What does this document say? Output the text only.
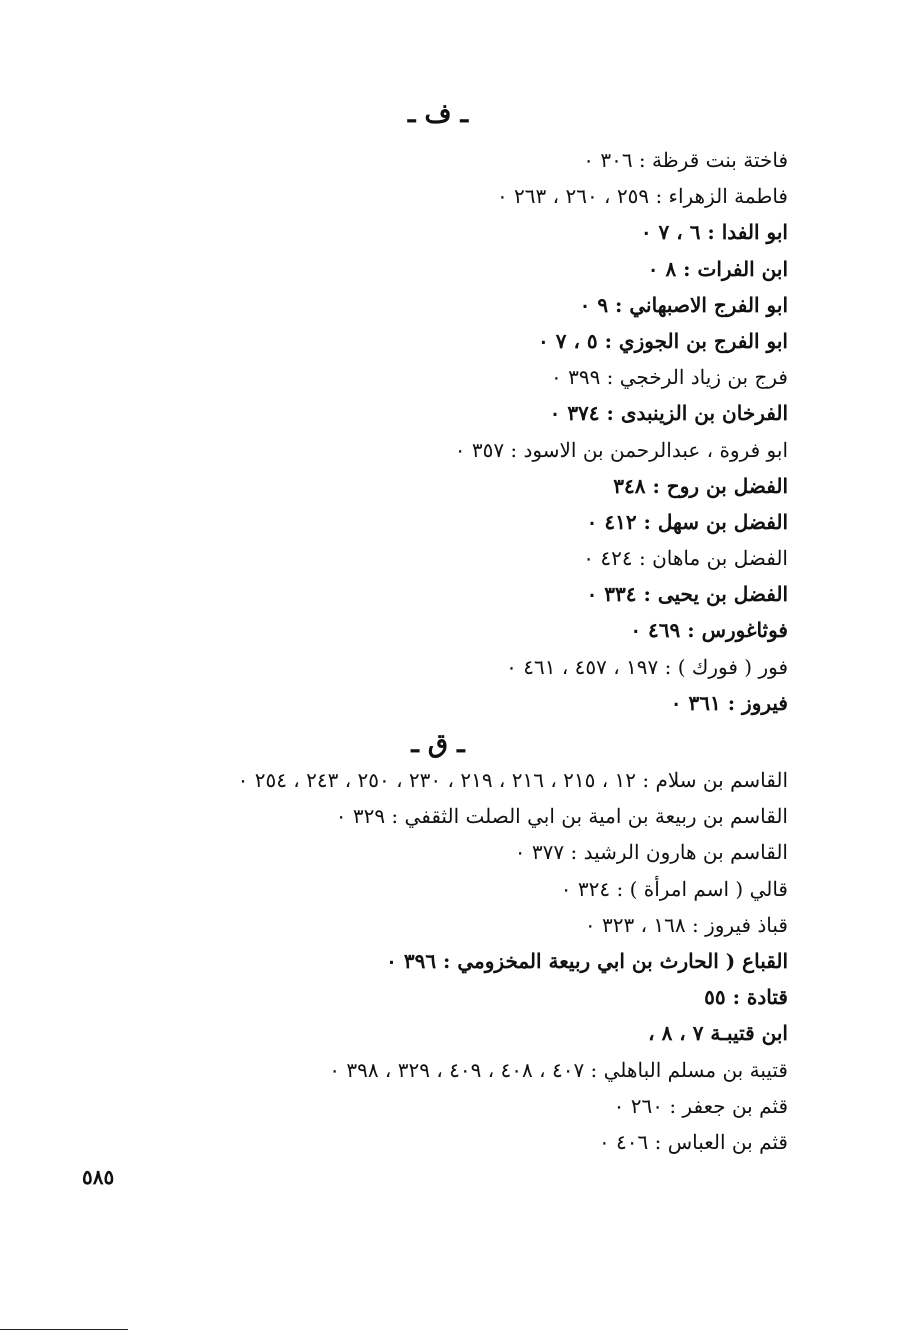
ـ ف ـ
فاختة بنت قرظة : ٣٠٦ ٠
فاطمة الزهراء : ٢٥٩ ، ٢٦٠ ، ٢٦٣ ٠
ابو الفدا : ٦ ، ٧ ٠
ابن الفرات : ٨ ٠
ابو الفرج الاصبهاني : ٩ ٠
ابو الفرج بن الجوزي : ٥ ، ٧ ٠
فرج بن زياد الرخجي : ٣٩٩ ٠
الفرخان بن الزينبدى : ٣٧٤ ٠
ابو فروة ، عبدالرحمن بن الاسود : ٣٥٧ ٠
الفضل بن روح : ٣٤٨
الفضل بن سهل : ٤١٢ ٠
الفضل بن ماهان : ٤٢٤ ٠
الفضل بن يحيى : ٣٣٤ ٠
فوثاغورس : ٤٦٩ ٠
فور ( فورك ) : ١٩٧ ، ٤٥٧ ، ٤٦١ ٠
فيروز : ٣٦١ ٠
ـ ق ـ
القاسم بن سلام : ١٢ ، ٢١٥ ، ٢١٦ ، ٢١٩ ، ٢٣٠ ، ٢٥٠ ، ٢٤٣ ، ٢٥٤ ٠
القاسم بن ربيعة بن امية بن ابي الصلت الثقفي : ٣٢٩ ٠
القاسم بن هارون الرشيد : ٣٧٧ ٠
قالي ( اسم امرأة ) : ٣٢٤ ٠
قباذ فيروز : ١٦٨ ، ٣٢٣ ٠
القباع ( الحارث بن ابي ربيعة المخزومي : ٣٩٦ ٠
قتادة : ٥٥
ابن قتيبـة ٧ ، ٨ ،
قتيبة بن مسلم الباهلي : ٤٠٧ ، ٤٠٨ ، ٤٠٩ ، ٣٢٩ ، ٣٩٨ ٠
قثم بن جعفر : ٢٦٠ ٠
قثم بن العباس : ٤٠٦ ٠
٥٨٥
